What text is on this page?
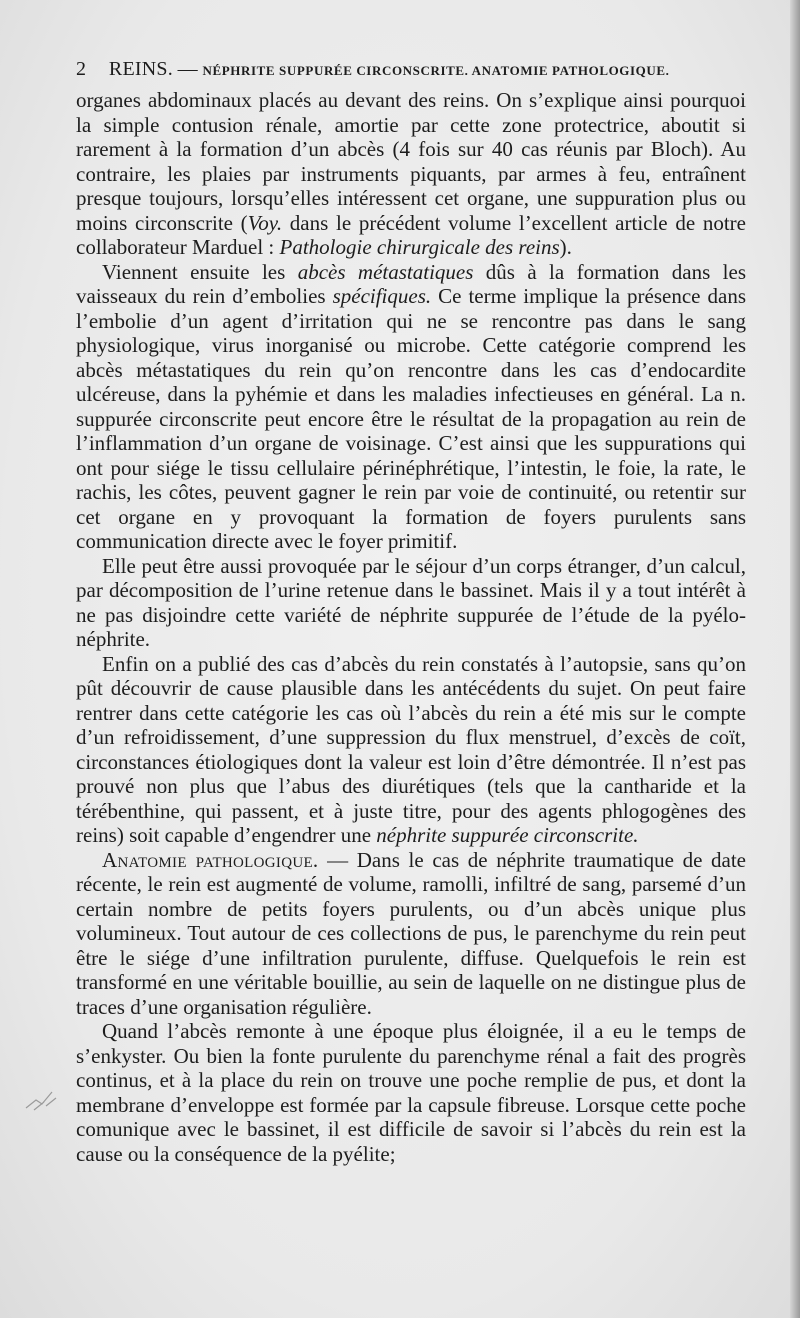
2 REINS. — NÉPHRITE SUPPURÉE CIRCONSCRITE. ANATOMIE PATHOLOGIQUE.

organes abdominaux placés au devant des reins. On s’explique ainsi pourquoi la simple contusion rénale, amortie par cette zone protectrice, aboutit si rarement à la formation d’un abcès (4 fois sur 40 cas réunis par Bloch). Au contraire, les plaies par instruments piquants, par armes à feu, entraînent presque toujours, lorsqu’elles intéressent cet organe, une suppuration plus ou moins circonscrite (Voy. dans le précédent volume l’excellent article de notre collaborateur Marduel : Pathologie chirurgicale des reins).

Viennent ensuite les abcès métastatiques dûs à la formation dans les vaisseaux du rein d’embolies spécifiques. Ce terme implique la présence dans l’embolie d’un agent d’irritation qui ne se rencontre pas dans le sang physiologique, virus inorganisé ou microbe. Cette catégorie comprend les abcès métastatiques du rein qu’on rencontre dans les cas d’endocardite ulcéreuse, dans la pyhémie et dans les maladies infectieuses en général. La n. suppurée circonscrite peut encore être le résultat de la propagation au rein de l’inflammation d’un organe de voisinage. C’est ainsi que les suppurations qui ont pour siége le tissu cellulaire périnéphrétique, l’intestin, le foie, la rate, le rachis, les côtes, peuvent gagner le rein par voie de continuité, ou retentir sur cet organe en y provoquant la formation de foyers purulents sans communication directe avec le foyer primitif.

Elle peut être aussi provoquée par le séjour d’un corps étranger, d’un calcul, par décomposition de l’urine retenue dans le bassinet. Mais il y a tout intérêt à ne pas disjoindre cette variété de néphrite suppurée de l’étude de la pyélo-néphrite.

Enfin on a publié des cas d’abcès du rein constatés à l’autopsie, sans qu’on pût découvrir de cause plausible dans les antécédents du sujet. On peut faire rentrer dans cette catégorie les cas où l’abcès du rein a été mis sur le compte d’un refroidissement, d’une suppression du flux menstruel, d’excès de coït, circonstances étiologiques dont la valeur est loin d’être démontrée. Il n’est pas prouvé non plus que l’abus des diurétiques (tels que la cantharide et la térébenthine, qui passent, et à juste titre, pour des agents phlogogènes des reins) soit capable d’engendrer une néphrite suppurée circonscrite.

Anatomie pathologique. — Dans le cas de néphrite traumatique de date récente, le rein est augmenté de volume, ramolli, infiltré de sang, parsemé d’un certain nombre de petits foyers purulents, ou d’un abcès unique plus volumineux. Tout autour de ces collections de pus, le parenchyme du rein peut être le siége d’une infiltration purulente, diffuse. Quelquefois le rein est transformé en une véritable bouillie, au sein de laquelle on ne distingue plus de traces d’une organisation régulière.

Quand l’abcès remonte à une époque plus éloignée, il a eu le temps de s’enkyster. Ou bien la fonte purulente du parenchyme rénal a fait des progrès continus, et à la place du rein on trouve une poche remplie de pus, et dont la membrane d’enveloppe est formée par la capsule fibreuse. Lorsque cette poche comunique avec le bassinet, il est difficile de savoir si l’abcès du rein est la cause ou la conséquence de la pyélite;
